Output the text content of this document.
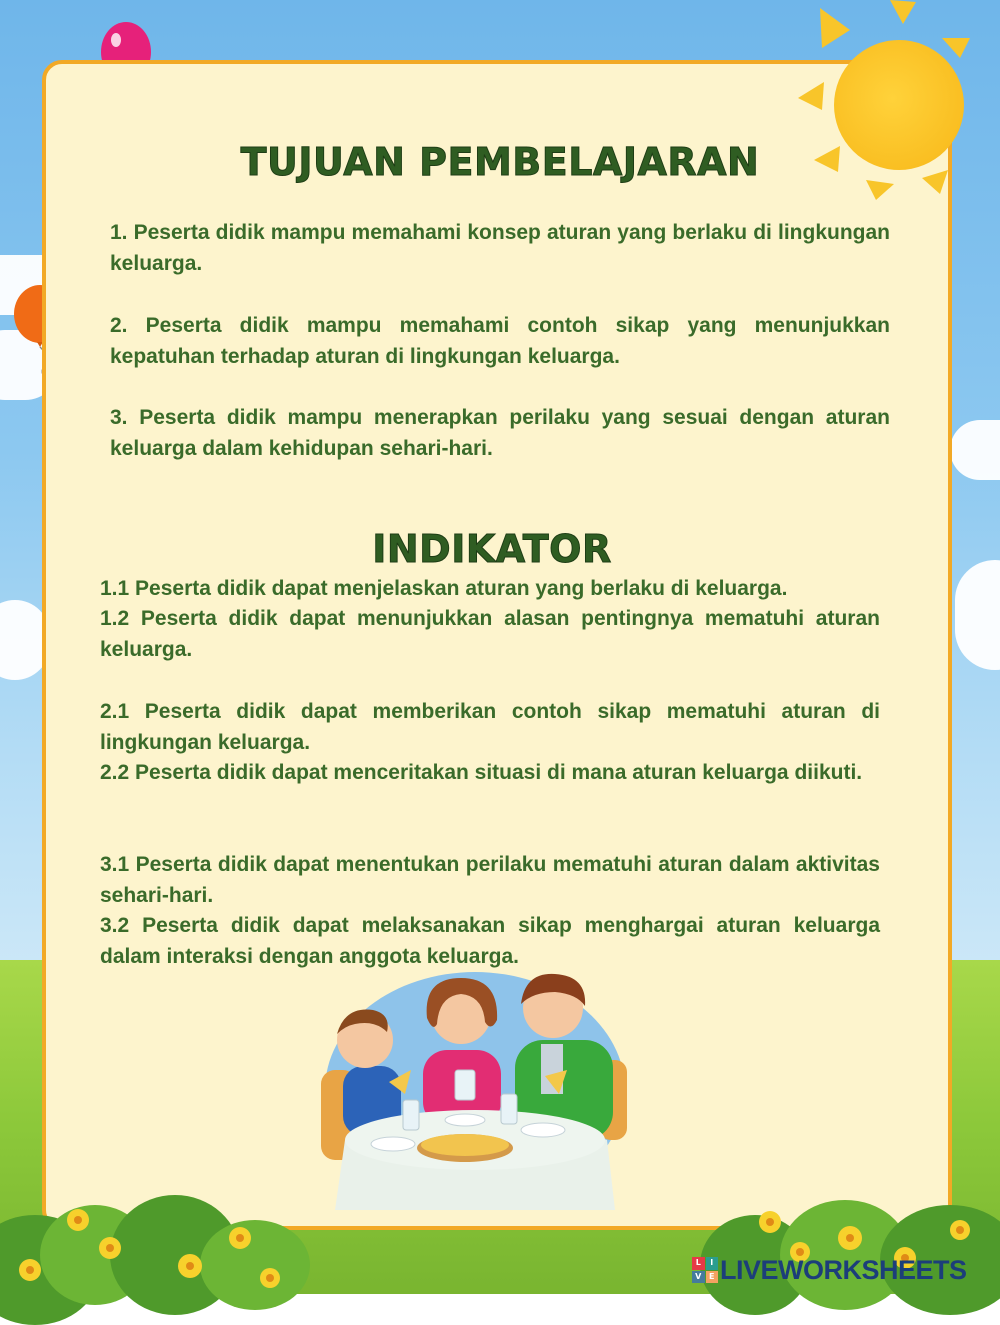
TUJUAN PEMBELAJARAN

1. Peserta didik mampu memahami konsep aturan yang berlaku di lingkungan keluarga.

2. Peserta didik mampu memahami contoh sikap yang menunjukkan kepatuhan terhadap aturan di lingkungan keluarga.

3. Peserta didik mampu menerapkan perilaku yang sesuai dengan aturan keluarga dalam kehidupan sehari-hari.

INDIKATOR

1.1 Peserta didik dapat menjelaskan aturan yang berlaku di keluarga.

1.2 Peserta didik dapat menunjukkan alasan pentingnya mematuhi aturan keluarga.

2.1 Peserta didik dapat memberikan contoh sikap mematuhi aturan di lingkungan keluarga.

2.2 Peserta didik dapat menceritakan situasi di mana aturan keluarga diikuti.

3.1 Peserta didik dapat menentukan perilaku mematuhi aturan dalam aktivitas sehari-hari.

3.2 Peserta didik dapat melaksanakan sikap menghargai aturan keluarga dalam interaksi dengan anggota keluarga.

L	I
V E LIVEWORKSHEETS
